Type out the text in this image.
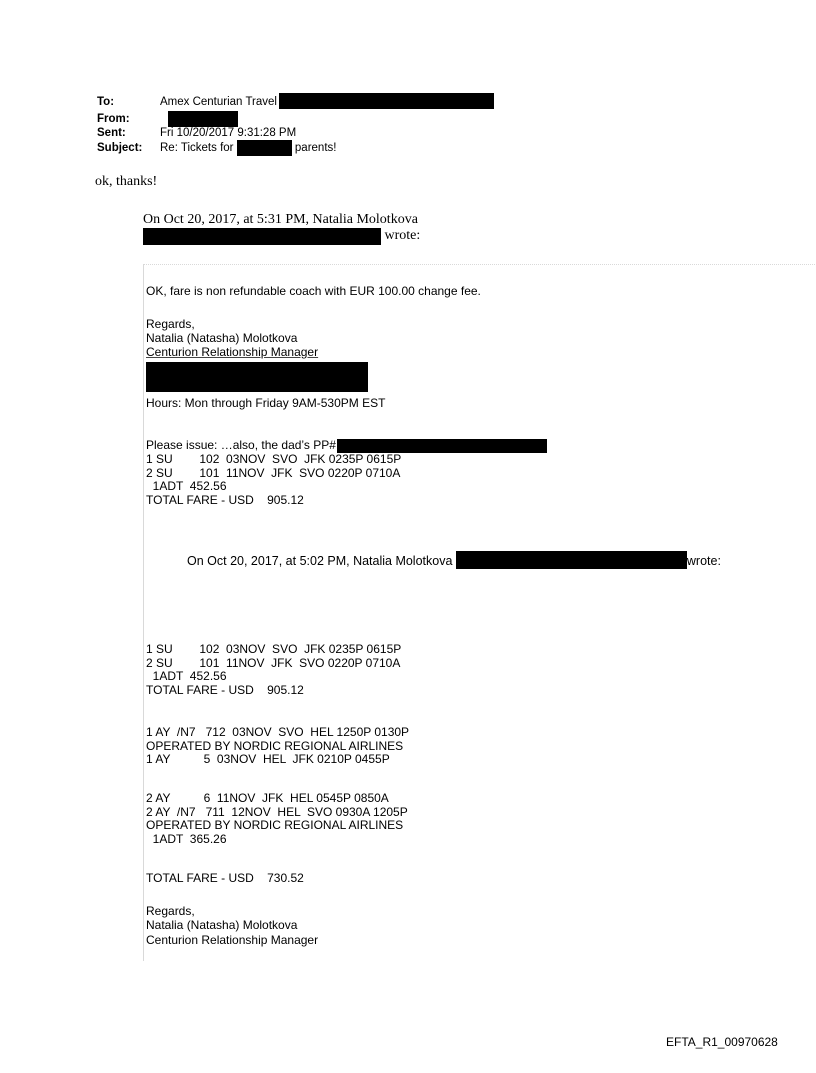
To:	Amex Centurian Travel
From:
Sent:	Fri 10/20/2017 9:31:28 PM
Subject: Re: Tickets for	parents!
ok, thanks!
On Oct 20, 2017, at 5:31 PM, Natalia Molotkova
wrote:
OK, fare is non refundable coach with EUR 100.00 change fee.
Regards,
Natalia (Natasha) Molotkova
Centurion Relationship Manager
Hours: Mon through Friday 9AM-530PM EST
Please issue: …also, the dad’s PP#
1 SU        102  03NOV  SVO  JFK 0235P 0615P
2 SU        101  11NOV  JFK  SVO 0220P 0710A
1ADT  452.56
TOTAL FARE - USD    905.12
On Oct 20, 2017, at 5:02 PM, Natalia Molotkova	wrote:
1 SU        102  03NOV  SVO  JFK 0235P 0615P
2 SU        101  11NOV  JFK  SVO 0220P 0710A
1ADT  452.56
TOTAL FARE - USD    905.12
1 AY  /N7   712  03NOV  SVO  HEL 1250P 0130P
OPERATED BY NORDIC REGIONAL AIRLINES
1 AY          5  03NOV  HEL  JFK 0210P 0455P
2 AY          6  11NOV  JFK  HEL 0545P 0850A
2 AY  /N7   711  12NOV  HEL  SVO 0930A 1205P
OPERATED BY NORDIC REGIONAL AIRLINES
1ADT  365.26
TOTAL FARE - USD    730.52
Regards,
Natalia (Natasha) Molotkova
Centurion Relationship Manager
EFTA_R1_00970628
